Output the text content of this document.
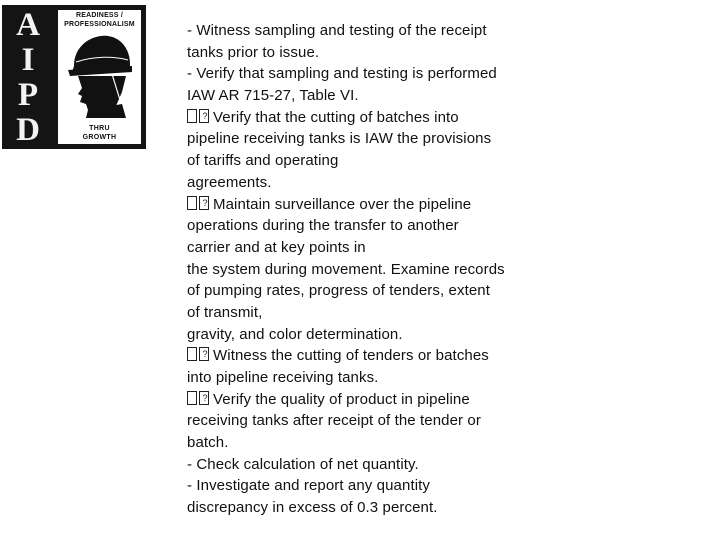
A
I
P
D
READINESS /
PROFESSIONALISM
THRU
GROWTH
- Witness sampling and testing of the receipt
tanks prior to issue.
- Verify that sampling and testing is performed
IAW AR 715-27, Table VI.
? Verify that the cutting of batches into
pipeline receiving tanks is IAW the provisions
of tariffs and operating
agreements.
? Maintain surveillance over the pipeline
operations during the transfer to another
carrier and at key points in
the system during movement. Examine records
of pumping rates, progress of tenders, extent
of transmit,
gravity, and color determination.
? Witness the cutting of tenders or batches
into pipeline receiving tanks.
? Verify the quality of product in pipeline
receiving tanks after receipt of the tender or
batch.
- Check calculation of net quantity.
- Investigate and report any quantity
discrepancy in excess of 0.3 percent.
